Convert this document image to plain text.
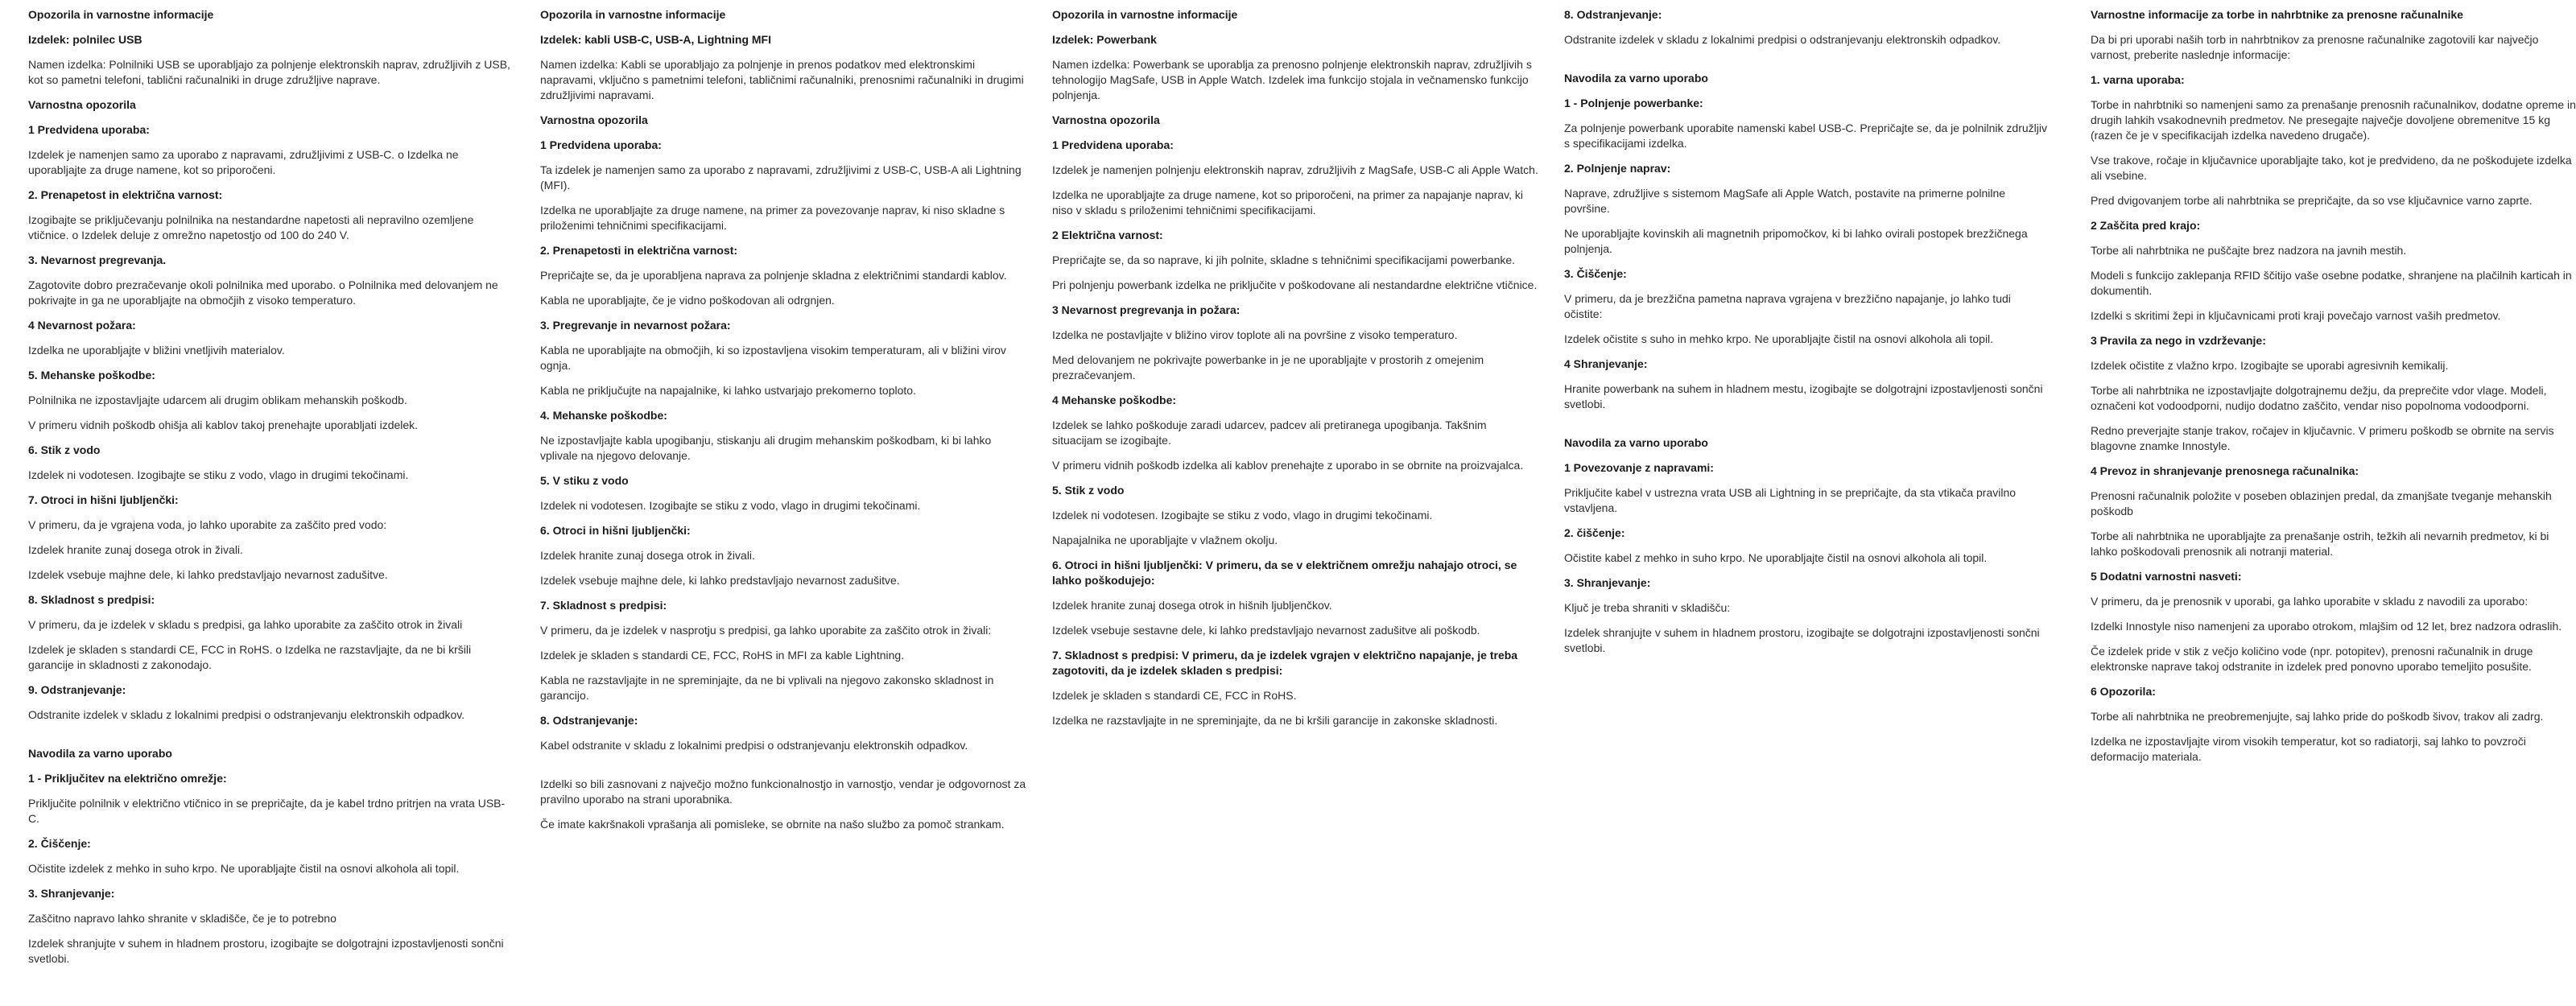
Opozorila in varnostne informacije
Izdelek: polnilec USB
Namen izdelka: Polnilniki USB se uporabljajo za polnjenje elektronskih naprav, združljivih z USB, kot so pametni telefoni, tablični računalniki in druge združljive naprave.
Varnostna opozorila
1 Predvidena uporaba:
Izdelek je namenjen samo za uporabo z napravami, združljivimi z USB-C. o Izdelka ne uporabljajte za druge namene, kot so priporočeni.
2. Prenapetost in električna varnost:
Izogibajte se priključevanju polnilnika na nestandardne napetosti ali nepravilno ozemljene vtičnice. o Izdelek deluje z omrežno napetostjo od 100 do 240 V.
3. Nevarnost pregrevanja.
Zagotovite dobro prezračevanje okoli polnilnika med uporabo. o Polnilnika med delovanjem ne pokrivajte in ga ne uporabljajte na območjih z visoko temperaturo.
4 Nevarnost požara:
Izdelka ne uporabljajte v bližini vnetljivih materialov.
5. Mehanske poškodbe:
Polnilnika ne izpostavljajte udarcem ali drugim oblikam mehanskih poškodb.
V primeru vidnih poškodb ohišja ali kablov takoj prenehajte uporabljati izdelek.
6. Stik z vodo
Izdelek ni vodotesen. Izogibajte se stiku z vodo, vlago in drugimi tekočinami.
7. Otroci in hišni ljubljenčki:
V primeru, da je vgrajena voda, jo lahko uporabite za zaščito pred vodo:
Izdelek hranite zunaj dosega otrok in živali.
Izdelek vsebuje majhne dele, ki lahko predstavljajo nevarnost zadušitve.
8. Skladnost s predpisi:
V primeru, da je izdelek v skladu s predpisi, ga lahko uporabite za zaščito otrok in živali
Izdelek je skladen s standardi CE, FCC in RoHS. o Izdelka ne razstavljajte, da ne bi kršili garancije in skladnosti z zakonodajo.
9. Odstranjevanje:
Odstranite izdelek v skladu z lokalnimi predpisi o odstranjevanju elektronskih odpadkov.
Navodila za varno uporabo
1 - Priključitev na električno omrežje:
Priključite polnilnik v električno vtičnico in se prepričajte, da je kabel trdno pritrjen na vrata USB-C.
2. Čiščenje:
Očistite izdelek z mehko in suho krpo. Ne uporabljajte čistil na osnovi alkohola ali topil.
3. Shranjevanje:
Zaščitno napravo lahko shranite v skladišče, če je to potrebno
Izdelek shranjujte v suhem in hladnem prostoru, izogibajte se dolgotrajni izpostavljenosti sončni svetlobi.
Opozorila in varnostne informacije
Izdelek: kabli USB-C, USB-A, Lightning MFI
Namen izdelka: Kabli se uporabljajo za polnjenje in prenos podatkov med elektronskimi napravami, vključno s pametnimi telefoni, tabličnimi računalniki, prenosnimi računalniki in drugimi združljivimi napravami.
Varnostna opozorila
1 Predvidena uporaba:
Ta izdelek je namenjen samo za uporabo z napravami, združljivimi z USB-C, USB-A ali Lightning (MFI).
Izdelka ne uporabljajte za druge namene, na primer za povezovanje naprav, ki niso skladne s priloženimi tehničnimi specifikacijami.
2. Prenapetosti in električna varnost:
Prepričajte se, da je uporabljena naprava za polnjenje skladna z električnimi standardi kablov.
Kabla ne uporabljajte, če je vidno poškodovan ali odrgnjen.
3. Pregrevanje in nevarnost požara:
Kabla ne uporabljajte na območjih, ki so izpostavljena visokim temperaturam, ali v bližini virov ognja.
Kabla ne priključujte na napajalnike, ki lahko ustvarjajo prekomerno toploto.
4. Mehanske poškodbe:
Ne izpostavljajte kabla upogibanju, stiskanju ali drugim mehanskim poškodbam, ki bi lahko vplivale na njegovo delovanje.
5. V stiku z vodo
Izdelek ni vodotesen. Izogibajte se stiku z vodo, vlago in drugimi tekočinami.
6. Otroci in hišni ljubljenčki:
Izdelek hranite zunaj dosega otrok in živali.
Izdelek vsebuje majhne dele, ki lahko predstavljajo nevarnost zadušitve.
7. Skladnost s predpisi:
V primeru, da je izdelek v nasprotju s predpisi, ga lahko uporabite za zaščito otrok in živali:
Izdelek je skladen s standardi CE, FCC, RoHS in MFI za kable Lightning.
Kabla ne razstavljajte in ne spreminjajte, da ne bi vplivali na njegovo zakonsko skladnost in garancijo.
8. Odstranjevanje:
Kabel odstranite v skladu z lokalnimi predpisi o odstranjevanju elektronskih odpadkov.
Izdelki so bili zasnovani z največjo možno funkcionalnostjo in varnostjo, vendar je odgovornost za pravilno uporabo na strani uporabnika.
Če imate kakršnakoli vprašanja ali pomisleke, se obrnite na našo službo za pomoč strankam.
Opozorila in varnostne informacije
Izdelek: Powerbank
Namen izdelka: Powerbank se uporablja za prenosno polnjenje elektronskih naprav, združljivih s tehnologijo MagSafe, USB in Apple Watch. Izdelek ima funkcijo stojala in večnamensko funkcijo polnjenja.
Varnostna opozorila
1 Predvidena uporaba:
Izdelek je namenjen polnjenju elektronskih naprav, združljivih z MagSafe, USB-C ali Apple Watch.
Izdelka ne uporabljajte za druge namene, kot so priporočeni, na primer za napajanje naprav, ki niso v skladu s priloženimi tehničnimi specifikacijami.
2 Električna varnost:
Prepričajte se, da so naprave, ki jih polnite, skladne s tehničnimi specifikacijami powerbanke.
Pri polnjenju powerbank izdelka ne priključite v poškodovane ali nestandardne električne vtičnice.
3 Nevarnost pregrevanja in požara:
Izdelka ne postavljajte v bližino virov toplote ali na površine z visoko temperaturo.
Med delovanjem ne pokrivajte powerbanke in je ne uporabljajte v prostorih z omejenim prezračevanjem.
4 Mehanske poškodbe:
Izdelek se lahko poškoduje zaradi udarcev, padcev ali pretiranega upogibanja. Takšnim situacijam se izogibajte.
V primeru vidnih poškodb izdelka ali kablov prenehajte z uporabo in se obrnite na proizvajalca.
5. Stik z vodo
Izdelek ni vodotesen. Izogibajte se stiku z vodo, vlago in drugimi tekočinami.
Napajalnika ne uporabljajte v vlažnem okolju.
6. Otroci in hišni ljubljenčki: V primeru, da se v električnem omrežju nahajajo otroci, se lahko poškodujejo:
Izdelek hranite zunaj dosega otrok in hišnih ljubljenčkov.
Izdelek vsebuje sestavne dele, ki lahko predstavljajo nevarnost zadušitve ali poškodb.
7. Skladnost s predpisi: V primeru, da je izdelek vgrajen v električno napajanje, je treba zagotoviti, da je izdelek skladen s predpisi:
Izdelek je skladen s standardi CE, FCC in RoHS.
Izdelka ne razstavljajte in ne spreminjajte, da ne bi kršili garancije in zakonske skladnosti.
8. Odstranjevanje:
Odstranite izdelek v skladu z lokalnimi predpisi o odstranjevanju elektronskih odpadkov.
Navodila za varno uporabo
1 - Polnjenje powerbanke:
Za polnjenje powerbank uporabite namenski kabel USB-C. Prepričajte se, da je polnilnik združljiv s specifikacijami izdelka.
2. Polnjenje naprav:
Naprave, združljive s sistemom MagSafe ali Apple Watch, postavite na primerne polnilne površine.
Ne uporabljajte kovinskih ali magnetnih pripomočkov, ki bi lahko ovirali postopek brezžičnega polnjenja.
3. Čiščenje:
V primeru, da je brezžična pametna naprava vgrajena v brezžično napajanje, jo lahko tudi očistite:
Izdelek očistite s suho in mehko krpo. Ne uporabljajte čistil na osnovi alkohola ali topil.
4 Shranjevanje:
Hranite powerbank na suhem in hladnem mestu, izogibajte se dolgotrajni izpostavljenosti sončni svetlobi.
Navodila za varno uporabo
1 Povezovanje z napravami:
Priključite kabel v ustrezna vrata USB ali Lightning in se prepričajte, da sta vtikača pravilno vstavljena.
2. čiščenje:
Očistite kabel z mehko in suho krpo. Ne uporabljajte čistil na osnovi alkohola ali topil.
3. Shranjevanje:
Ključ je treba shraniti v skladišču:
Izdelek shranjujte v suhem in hladnem prostoru, izogibajte se dolgotrajni izpostavljenosti sončni svetlobi.
Varnostne informacije za torbe in nahrbtnike za prenosne računalnike
Da bi pri uporabi naših torb in nahrbtnikov za prenosne računalnike zagotovili kar največjo varnost, preberite naslednje informacije:
1. varna uporaba:
Torbe in nahrbtniki so namenjeni samo za prenašanje prenosnih računalnikov, dodatne opreme in drugih lahkih vsakodnevnih predmetov. Ne presegajte največje dovoljene obremenitve 15 kg (razen če je v specifikacijah izdelka navedeno drugače).
Vse trakove, ročaje in ključavnice uporabljajte tako, kot je predvideno, da ne poškodujete izdelka ali vsebine.
Pred dvigovanjem torbe ali nahrbtnika se prepričajte, da so vse ključavnice varno zaprte.
2 Zaščita pred krajo:
Torbe ali nahrbtnika ne puščajte brez nadzora na javnih mestih.
Modeli s funkcijo zaklepanja RFID ščitijo vaše osebne podatke, shranjene na plačilnih karticah in dokumentih.
Izdelki s skritimi žepi in ključavnicami proti kraji povečajo varnost vaših predmetov.
3 Pravila za nego in vzdrževanje:
Izdelek očistite z vlažno krpo. Izogibajte se uporabi agresivnih kemikalij.
Torbe ali nahrbtnika ne izpostavljajte dolgotrajnemu dežju, da preprečite vdor vlage. Modeli, označeni kot vodoodporni, nudijo dodatno zaščito, vendar niso popolnoma vodoodporni.
Redno preverjajte stanje trakov, ročajev in ključavnic. V primeru poškodb se obrnite na servis blagovne znamke Innostyle.
4 Prevoz in shranjevanje prenosnega računalnika:
Prenosni računalnik položite v poseben oblazinjen predal, da zmanjšate tveganje mehanskih poškodb
Torbe ali nahrbtnika ne uporabljajte za prenašanje ostrih, težkih ali nevarnih predmetov, ki bi lahko poškodovali prenosnik ali notranji material.
5 Dodatni varnostni nasveti:
V primeru, da je prenosnik v uporabi, ga lahko uporabite v skladu z navodili za uporabo:
Izdelki Innostyle niso namenjeni za uporabo otrokom, mlajšim od 12 let, brez nadzora odraslih.
Če izdelek pride v stik z večjo količino vode (npr. potopitev), prenosni računalnik in druge elektronske naprave takoj odstranite in izdelek pred ponovno uporabo temeljito posušite.
6 Opozorila:
Torbe ali nahrbtnika ne preobremenjujte, saj lahko pride do poškodb šivov, trakov ali zadrg.
Izdelka ne izpostavljajte virom visokih temperatur, kot so radiatorji, saj lahko to povzroči deformacijo materiala.
